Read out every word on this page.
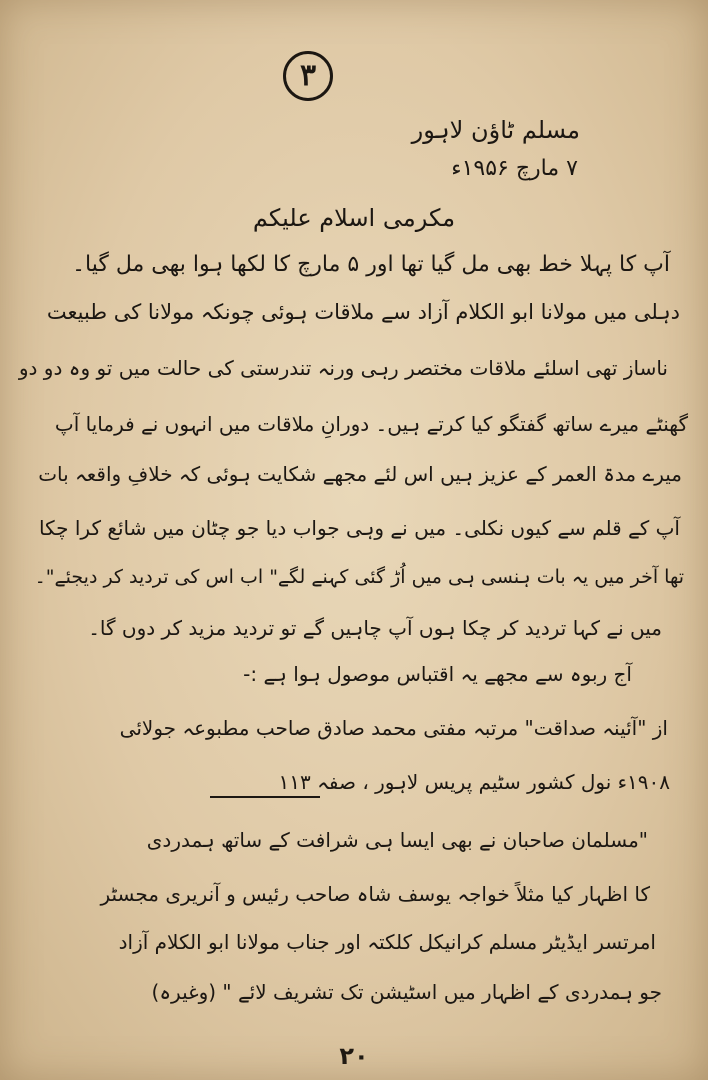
۳
مسلم ٹاؤن لاہور
۷ مارچ ۱۹۵۶ء
مکرمی اسلام علیکم
آپ کا پہلا خط بھی مل گیا تھا اور ۵ مارچ کا لکھا ہوا بھی مل گیا۔
دہلی میں مولانا ابو الکلام آزاد سے ملاقات ہوئی چونکہ مولانا کی طبیعت
ناساز تھی اسلئے ملاقات مختصر رہی ورنہ تندرستی کی حالت میں تو وہ دو دو
گھنٹے میرے ساتھ گفتگو کیا کرتے ہیں۔ دورانِ ملاقات میں انہوں نے فرمایا آپ
میرے مدۃ العمر کے عزیز ہیں اس لئے مجھے شکایت ہوئی کہ خلافِ واقعہ بات
آپ کے قلم سے کیوں نکلی۔ میں نے وہی جواب دیا جو چٹان میں شائع کرا چکا
تھا آخر میں یہ بات ہنسی ہی میں اُڑ گئی کہنے لگے" اب اس کی تردید کر دیجئے"۔
میں نے کہا تردید کر چکا ہوں آپ چاہیں گے تو تردید مزید کر دوں گا۔
آج ربوہ سے مجھے یہ اقتباس موصول ہوا ہے :-
از "آئینہ صداقت" مرتبہ مفتی محمد صادق صاحب مطبوعہ جولائی
۱۹۰۸ء نول کشور سٹیم پریس لاہور ، صفہ ۱۱۳
"مسلمان صاحبان نے بھی ایسا ہی شرافت کے ساتھ ہمدردی
کا اظہار کیا مثلاً خواجہ یوسف شاہ صاحب رئیس و آنریری مجسٹر
امرتسر ایڈیٹر مسلم کرانیکل کلکتہ اور جناب مولانا ابو الکلام آزاد
جو ہمدردی کے اظہار میں اسٹیشن تک تشریف لائے " (وغیرہ)
۲۰
